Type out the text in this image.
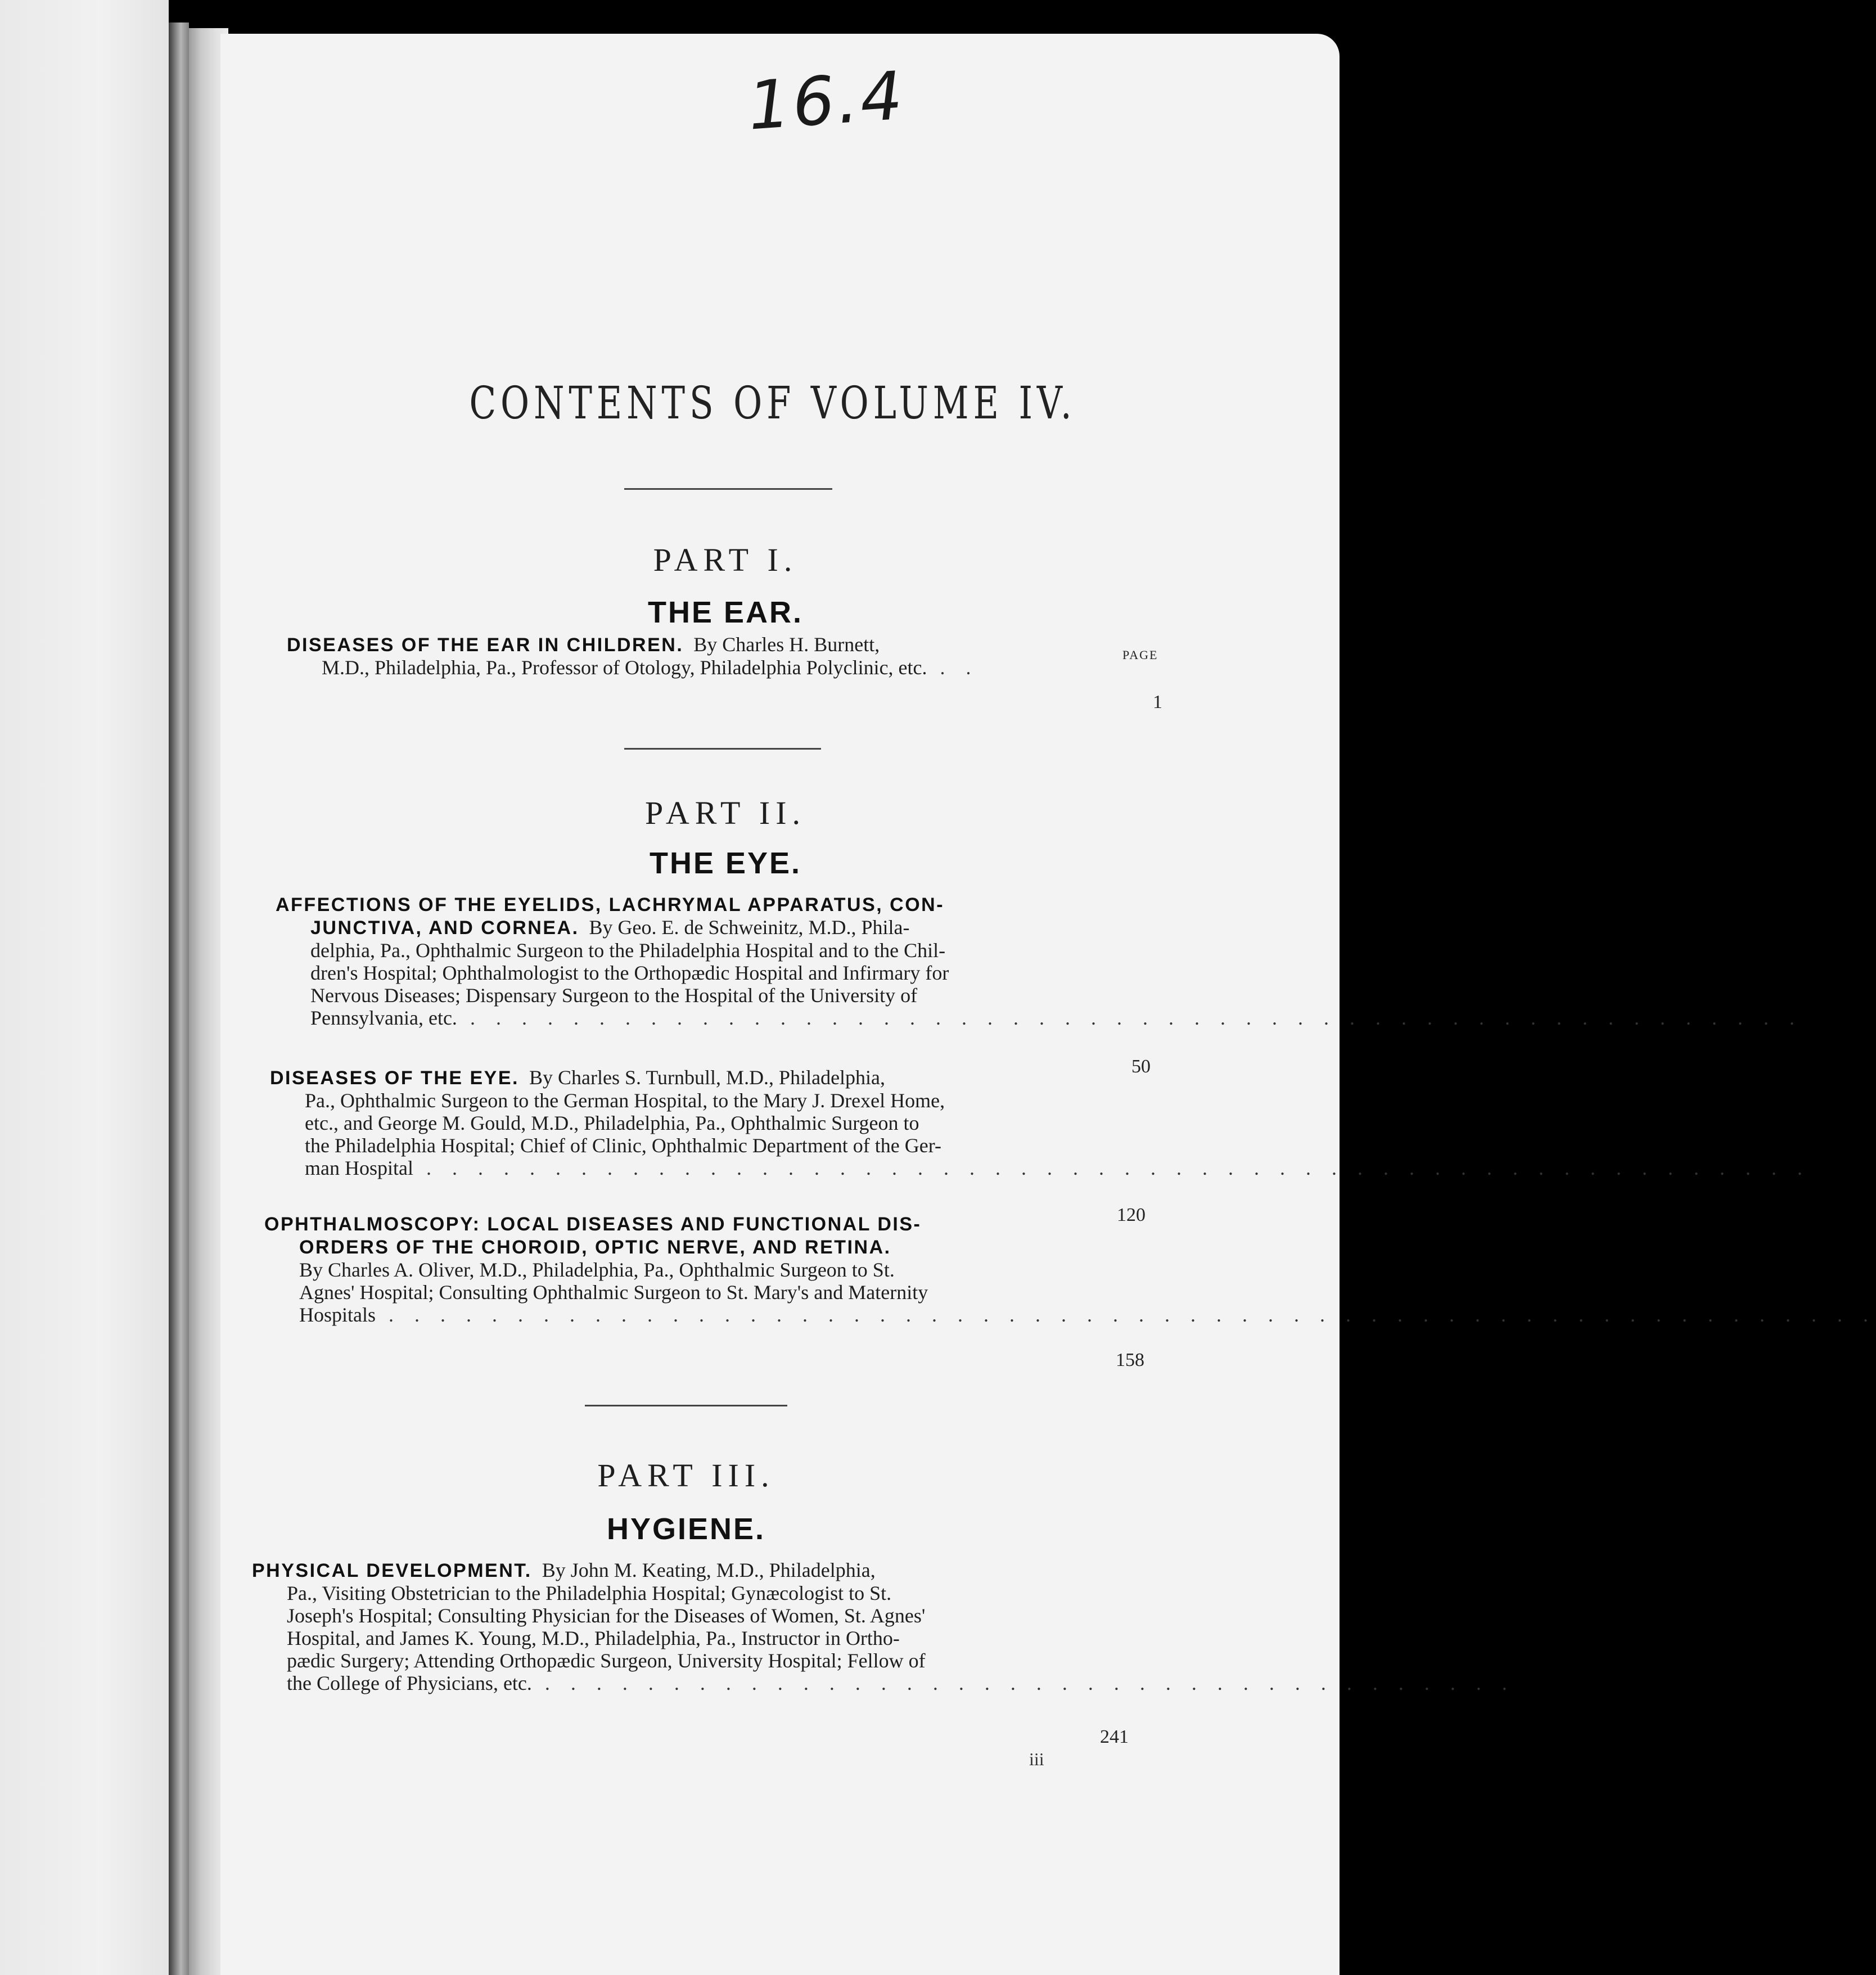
16.4
CONTENTS OF VOLUME IV.
PART I.
THE EAR.
PAGE
DISEASES OF THE EAR IN CHILDREN. By Charles H. Burnett,
M.D., Philadelphia, Pa., Professor of Otology, Philadelphia Polyclinic, etc. . .
1
PART II.
THE EYE.
AFFECTIONS OF THE EYELIDS, LACHRYMAL APPARATUS, CON-
JUNCTIVA, AND CORNEA. By Geo. E. de Schweinitz, M.D., Phila-
delphia, Pa., Ophthalmic Surgeon to the Philadelphia Hospital and to the Chil-
dren's Hospital; Ophthalmologist to the Orthopædic Hospital and Infirmary for
Nervous Diseases; Dispensary Surgeon to the Hospital of the University of
Pennsylvania, etc. . . . . . . . . . . . . . . . . . . . . . . . . . . . . . . . . . . . . . . . . . . . . . . . . . . . .
50
DISEASES OF THE EYE. By Charles S. Turnbull, M.D., Philadelphia,
Pa., Ophthalmic Surgeon to the German Hospital, to the Mary J. Drexel Home,
etc., and George M. Gould, M.D., Philadelphia, Pa., Ophthalmic Surgeon to
the Philadelphia Hospital; Chief of Clinic, Ophthalmic Department of the Ger-
man Hospital . . . . . . . . . . . . . . . . . . . . . . . . . . . . . . . . . . . . . . . . . . . . . . . . . . . . . .
120
OPHTHALMOSCOPY: LOCAL DISEASES AND FUNCTIONAL DIS-
ORDERS OF THE CHOROID, OPTIC NERVE, AND RETINA.
By Charles A. Oliver, M.D., Philadelphia, Pa., Ophthalmic Surgeon to St.
Agnes' Hospital; Consulting Ophthalmic Surgeon to St. Mary's and Maternity
Hospitals . . . . . . . . . . . . . . . . . . . . . . . . . . . . . . . . . . . . . . . . . . . . . . . . . . . . . . . . . .
158
PART III.
HYGIENE.
PHYSICAL DEVELOPMENT. By John M. Keating, M.D., Philadelphia,
Pa., Visiting Obstetrician to the Philadelphia Hospital; Gynæcologist to St.
Joseph's Hospital; Consulting Physician for the Diseases of Women, St. Agnes'
Hospital, and James K. Young, M.D., Philadelphia, Pa., Instructor in Ortho-
pædic Surgery; Attending Orthopædic Surgeon, University Hospital; Fellow of
the College of Physicians, etc. . . . . . . . . . . . . . . . . . . . . . . . . . . . . . . . . . . . . . .
241
iii
